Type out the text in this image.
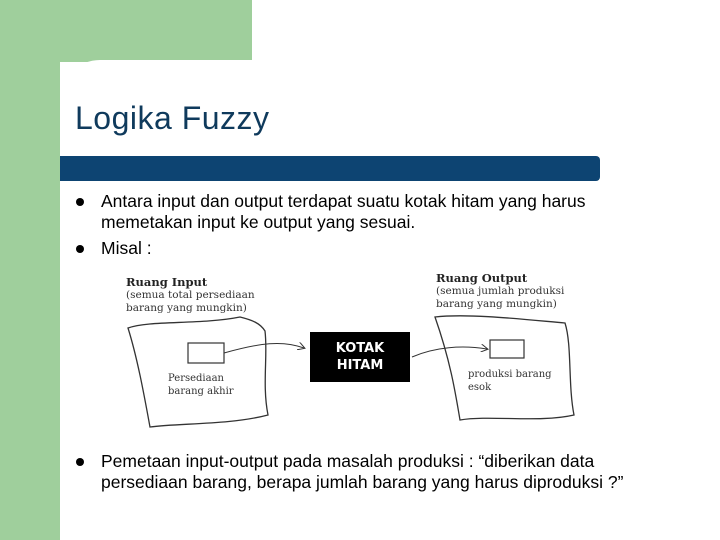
Logika Fuzzy
Antara input dan output terdapat suatu kotak hitam yang harus memetakan input ke output yang sesuai.
Misal :
Ruang Input
(semua total persediaan
barang yang mungkin)
Persediaan
barang akhir
KOTAK
HITAM
Ruang Output
(semua jumlah produksi
barang yang mungkin)
produksi barang
esok
Pemetaan input-output pada masalah produksi : “diberikan data persediaan barang, berapa jumlah barang yang harus diproduksi ?”
